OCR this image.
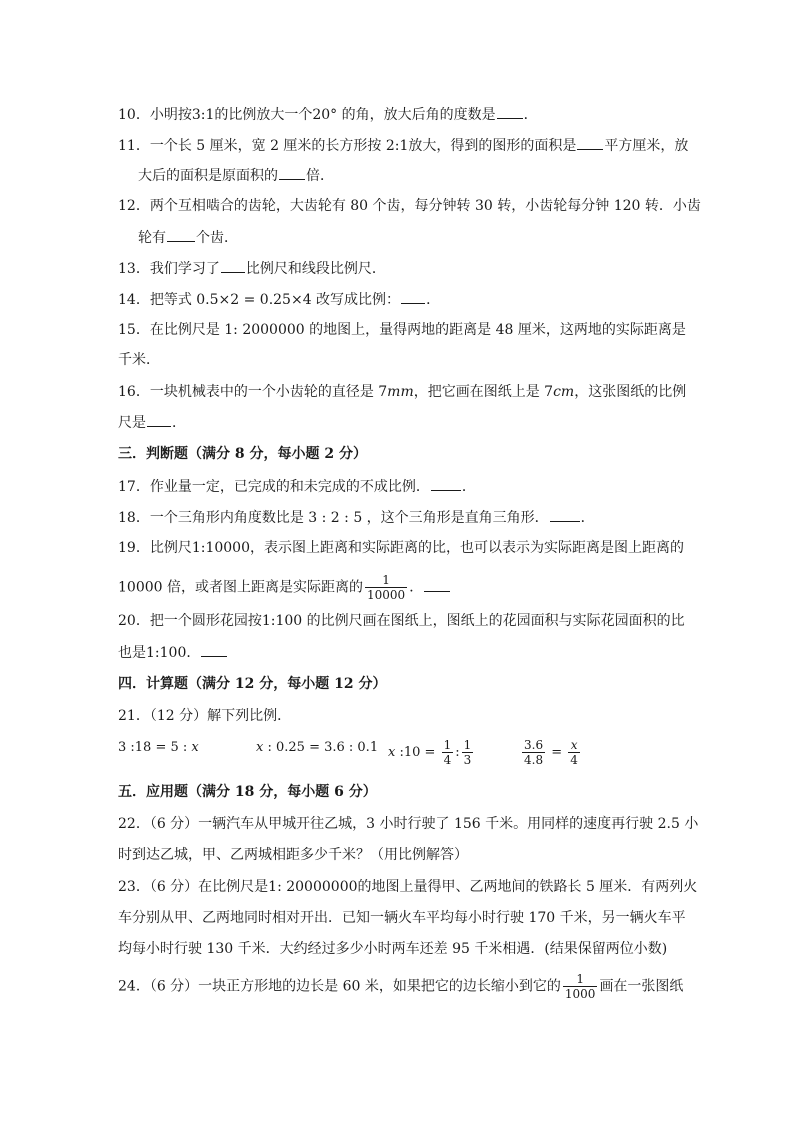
10．小明按3:1的比例放大一个20° 的角，放大后角的度数是 ．
11．一个长 5 厘米，宽 2 厘米的长方形按 2:1放大，得到的图形的面积是 平方厘米，放
大后的面积是原面积的 倍．
12．两个互相啮合的齿轮，大齿轮有 80 个齿，每分钟转 30 转，小齿轮每分钟 120 转．小齿
轮有 个齿．
13．我们学习了 比例尺和线段比例尺．
14．把等式 0.5×2 = 0.25×4 改写成比例： ．
15．在比例尺是 1: 2000000 的地图上，量得两地的距离是 48 厘米，这两地的实际距离是
千米．
16．一块机械表中的一个小齿轮的直径是 7mm，把它画在图纸上是 7cm，这张图纸的比例
尺是 ．
三．判断题（满分 8 分，每小题 2 分）
17．作业量一定，已完成的和未完成的不成比例． ．
18．一个三角形内角度数比是 3 : 2 : 5 ，这个三角形是直角三角形． ．
19．比例尺1:10000，表示图上距离和实际距离的比，也可以表示为实际距离是图上距离的
10000 倍，或者图上距离是实际距离的 $\frac{1}{10000}$ ．
20．把一个圆形花园按1:100 的比例尺画在图纸上，图纸上的花园面积与实际花园面积的比
也是1:100．
四．计算题（满分 12 分，每小题 12 分）
21．（12 分）解下列比例．
3 :18 = 5 : x	x : 0.25 = 3.6 : 0.1 x :10 = $\frac{1}{4}$ : $\frac{1}{3}$	$\frac{3.6}{4.8} = \frac{x}{4}$
五．应用题（满分 18 分，每小题 6 分）
22．（6 分）一辆汽车从甲城开往乙城，3 小时行驶了 156 千米。用同样的速度再行驶 2.5 小
时到达乙城，甲、乙两城相距多少千米？（用比例解答）
23．（6 分）在比例尺是1: 20000000的地图上量得甲、乙两地间的铁路长 5 厘米．有两列火
车分别从甲、乙两地同时相对开出．已知一辆火车平均每小时行驶 170 千米，另一辆火车平
均每小时行驶 130 千米．大约经过多少小时两车还差 95 千米相遇．(结果保留两位小数)
24．（6 分）一块正方形地的边长是 60 米，如果把它的边长缩小到它的 $\frac{1}{1000}$ 画在一张图纸
